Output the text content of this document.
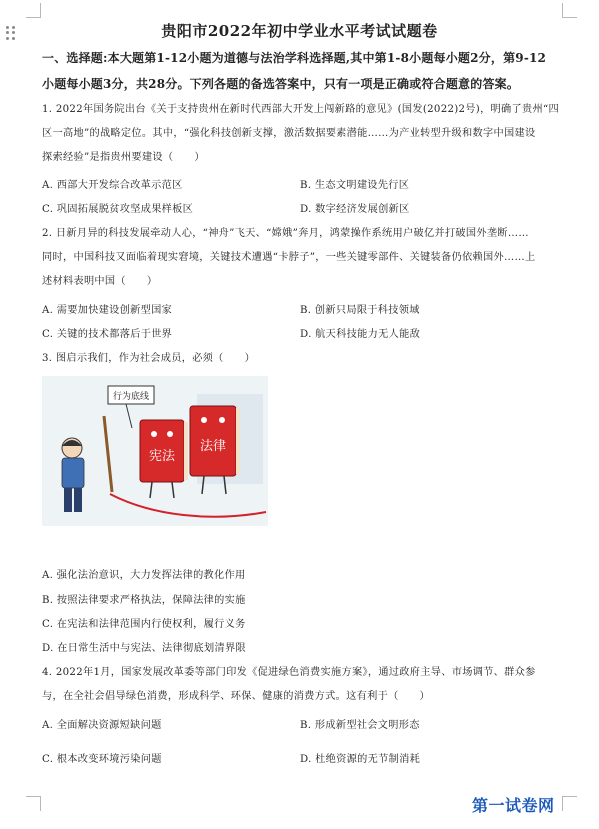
贵阳市2022年初中学业水平考试试题卷
一、选择题:本大题第1-12小题为道德与法治学科选择题,其中第1-8小题每小题2分，第9-12
小题每小题3分，共28分。下列各题的备选答案中，只有一项是正确或符合题意的答案。
1. 2022年国务院出台《关于支持贵州在新时代西部大开发上闯新路的意见》(国发(2022)2号)，明确了贵州“四
区一高地”的战略定位。其中，“强化科技创新支撑，激活数据要素潜能……为产业转型升级和数字中国建设
探索经验”是指贵州要建设（　　）
A. 西部大开发综合改革示范区	B. 生态文明建设先行区
C. 巩固拓展脱贫攻坚成果样板区	D. 数字经济发展创新区
2. 日新月异的科技发展牵动人心，“神舟”飞天、“嫦娥”奔月，鸿蒙操作系统用户破亿并打破国外垄断……
同时，中国科技又面临着现实窘境，关键技术遭遇“卡脖子”，一些关键零部件、关键装备仍依赖国外……上
述材料表明中国（　　）
A. 需要加快建设创新型国家	B. 创新只局限于科技领域
C. 关键的技术都落后于世界	D. 航天科技能力无人能敌
3. 图启示我们，作为社会成员，必须（　　）
行为底线
宪法
法律
A. 强化法治意识，大力发挥法律的教化作用
B. 按照法律要求严格执法，保障法律的实施
C. 在宪法和法律范围内行使权利，履行义务
D. 在日常生活中与宪法、法律彻底划清界限
4. 2022年1月，国家发展改革委等部门印发《促进绿色消费实施方案》，通过政府主导、市场调节、群众参
与，在全社会倡导绿色消费，形成科学、环保、健康的消费方式。这有利于（　　）
A. 全面解决资源短缺问题	B. 形成新型社会文明形态
C. 根本改变环境污染问题	D. 杜绝资源的无节制消耗
第一试卷网
